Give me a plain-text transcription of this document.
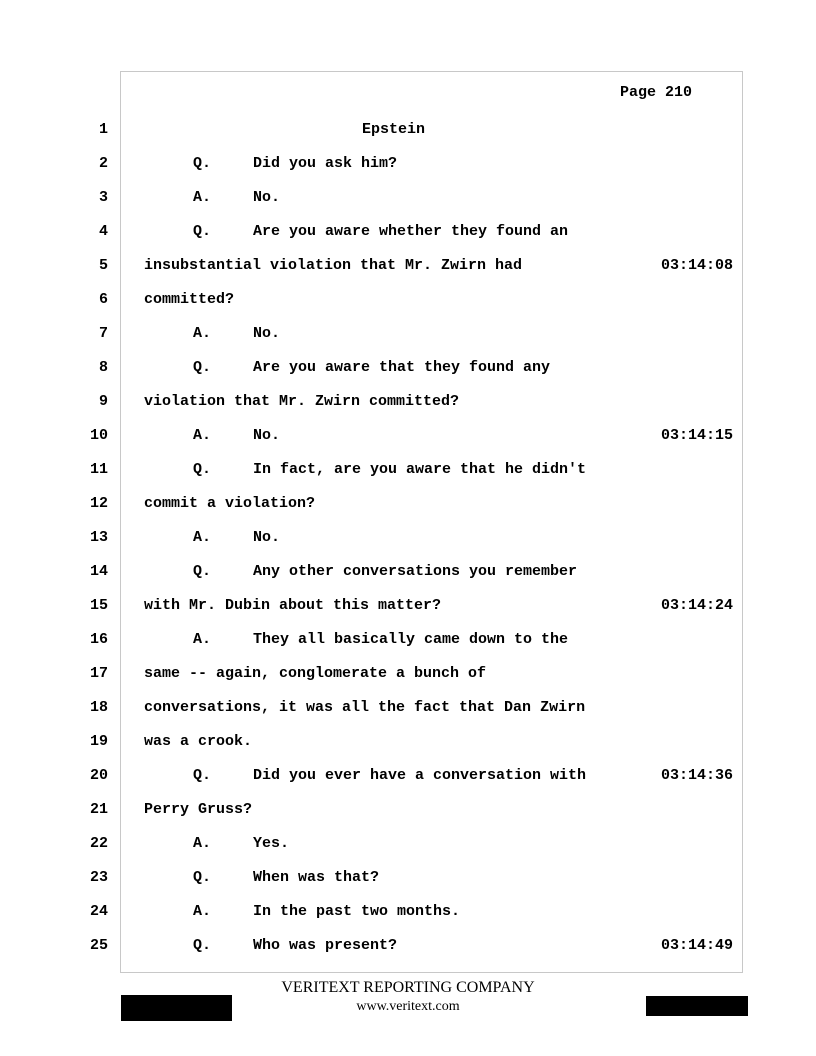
Page 210
1	Epstein
2	Q.	Did you ask him?
3	A.	No.
4	Q.	Are you aware whether they found an
5 insubstantial violation that Mr. Zwirn had	03:14:08
6 committed?
7	A.	No.
8	Q.	Are you aware that they found any
9 violation that Mr. Zwirn committed?
10	A.	No.	03:14:15
11	Q.	In fact, are you aware that he didn't
12 commit a violation?
13	A.	No.
14	Q.	Any other conversations you remember
15 with Mr. Dubin about this matter?	03:14:24
16	A.	They all basically came down to the
17 same -- again, conglomerate a bunch of
18 conversations, it was all the fact that Dan Zwirn
19 was a crook.
20	Q.	Did you ever have a conversation with	03:14:36
21 Perry Gruss?
22	A.	Yes.
23	Q.	When was that?
24	A.	In the past two months.
25	Q.	Who was present?	03:14:49
VERITEXT REPORTING COMPANY
www.veritext.com
